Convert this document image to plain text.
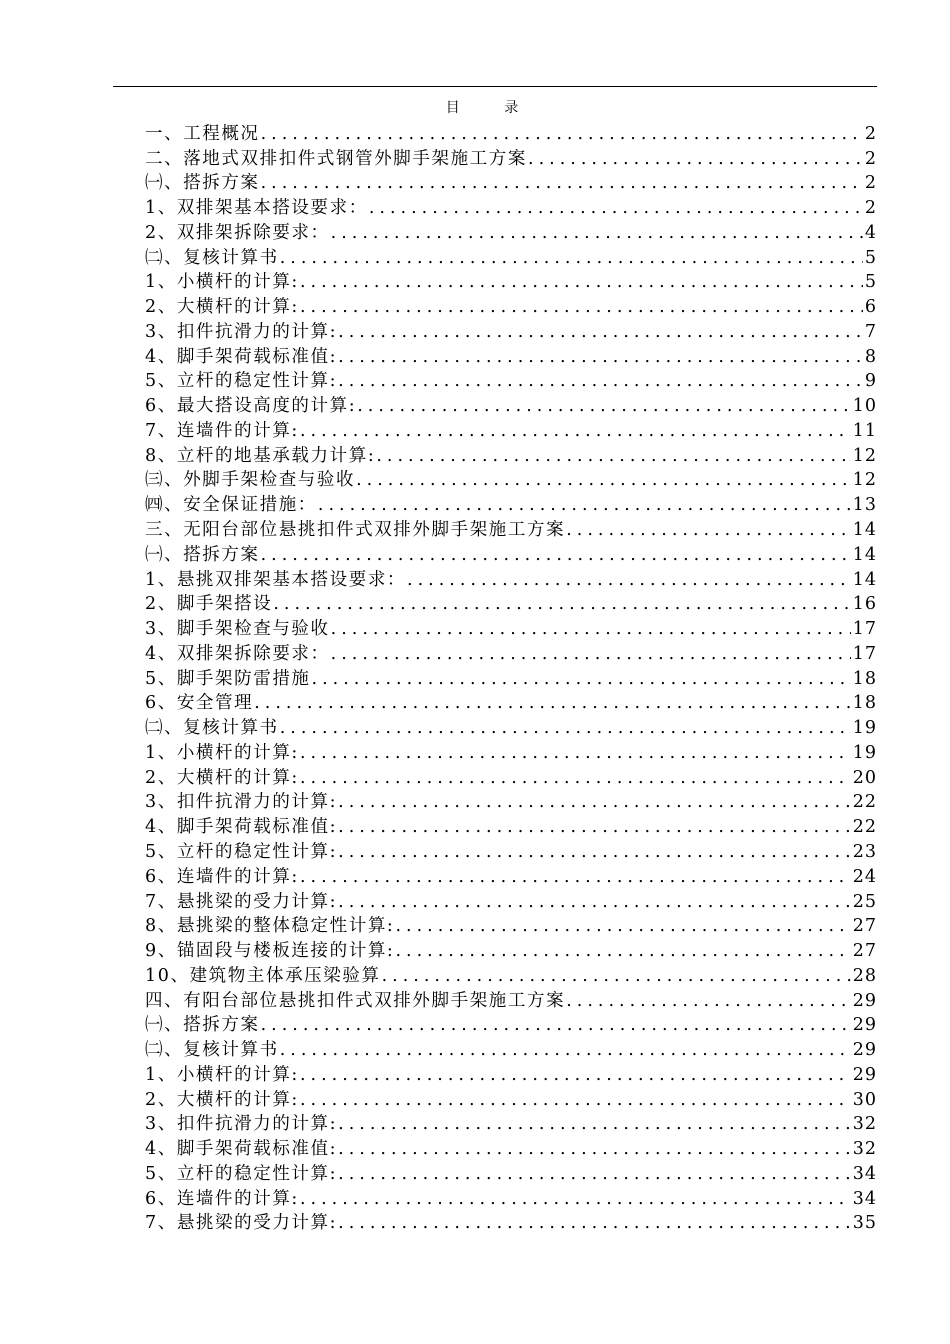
目 录
一、工程概况 .....	2
二、落地式双排扣件式钢管外脚手架施工方案 .....	2
㈠、搭拆方案 .....	2
1、双排架基本搭设要求： .....	2
2、双排架拆除要求： .....	4
㈡、复核计算书 .....	5
1、小横杆的计算: .....	5
2、大横杆的计算: .....	6
3、扣件抗滑力的计算: .....	7
4、脚手架荷载标准值: .....	8
5、立杆的稳定性计算: .....	9
6、最大搭设高度的计算: .....	10
7、连墙件的计算: .....	11
8、立杆的地基承载力计算: .....	12
㈢、外脚手架检查与验收 .....	12
㈣、安全保证措施： .....	13
三、无阳台部位悬挑扣件式双排外脚手架施工方案 .....	14
㈠、搭拆方案 .....	14
1、悬挑双排架基本搭设要求： .....	14
2、脚手架搭设 .....	16
3、脚手架检查与验收 .....	17
4、双排架拆除要求： .....	17
5、脚手架防雷措施 .....	18
6、安全管理 .....	18
㈡、复核计算书 .....	19
1、小横杆的计算: .....	19
2、大横杆的计算: .....	20
3、扣件抗滑力的计算: .....	22
4、脚手架荷载标准值: .....	22
5、立杆的稳定性计算: .....	23
6、连墙件的计算: .....	24
7、悬挑梁的受力计算: .....	25
8、悬挑梁的整体稳定性计算: .....	27
9、锚固段与楼板连接的计算: .....	27
10、建筑物主体承压梁验算 .....	28
四、有阳台部位悬挑扣件式双排外脚手架施工方案 .....	29
㈠、搭拆方案 .....	29
㈡、复核计算书 .....	29
1、小横杆的计算: .....	29
2、大横杆的计算: .....	30
3、扣件抗滑力的计算: .....	32
4、脚手架荷载标准值: .....	32
5、立杆的稳定性计算: .....	34
6、连墙件的计算: .....	34
7、悬挑梁的受力计算: .....	35
